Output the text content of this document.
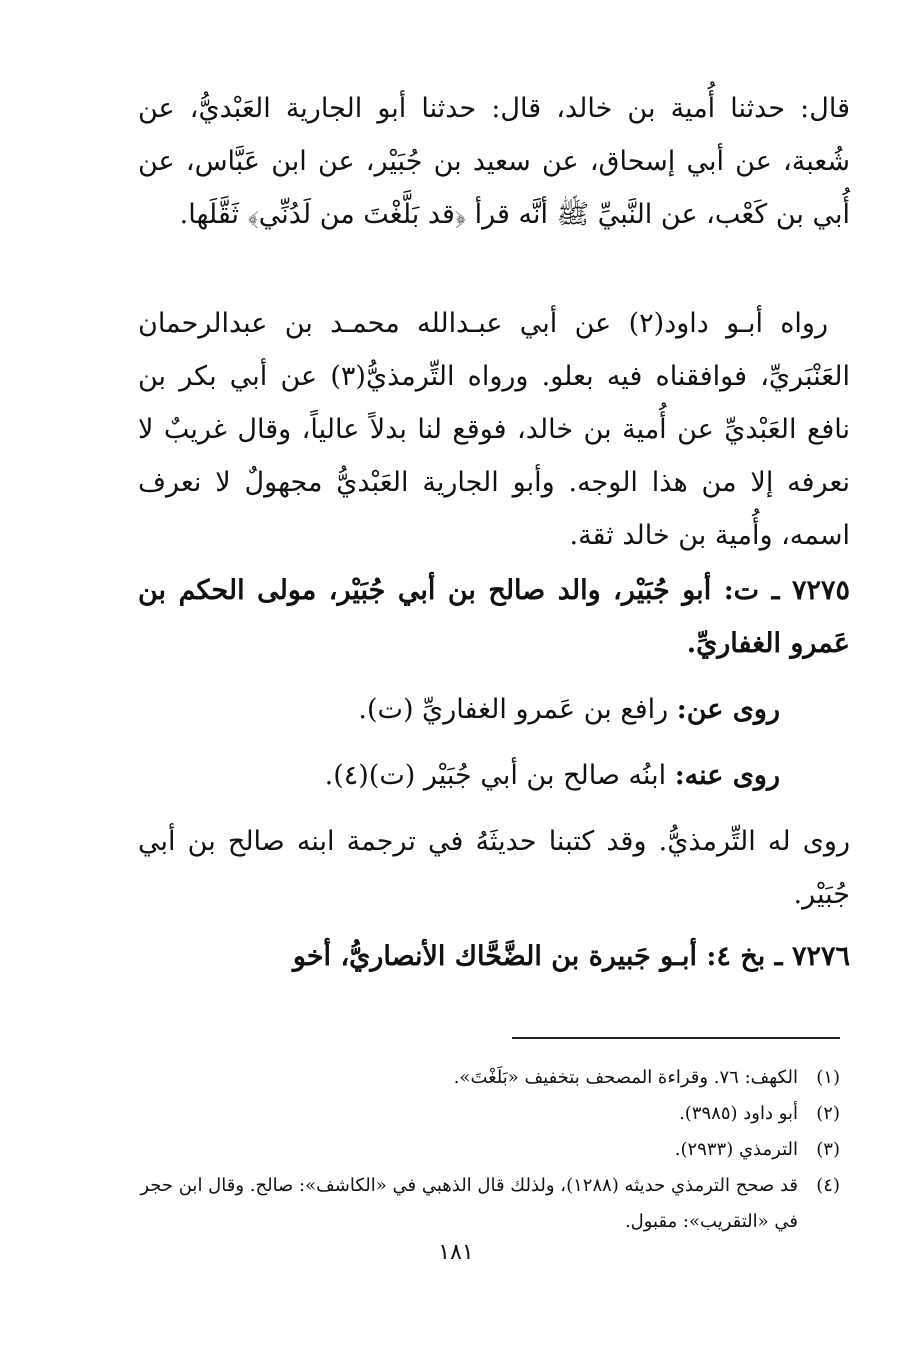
قال: حدثنا أُمية بن خالد، قال: حدثنا أبو الجارية العَبْديُّ، عن شُعبة، عن أبي إسحاق، عن سعيد بن جُبَيْر، عن ابن عَبَّاس، عن أُبي بن كَعْب، عن النَّبيِّ ﷺ أنَّه قرأ ﴿قد بَلَّغْتَ من لَدُنِّي﴾ ثَقَّلَها.

رواه أبـو داود(٢) عن أبي عبـدالله محمـد بن عبدالرحمان العَنْبَريِّ، فوافقناه فيه بعلو. ورواه التِّرمذيُّ(٣) عن أبي بكر بن نافع العَبْديِّ عن أُمية بن خالد، فوقع لنا بدلاً عالياً، وقال غريبٌ لا نعرفه إلا من هذا الوجه. وأبو الجارية العَبْديُّ مجهولٌ لا نعرف اسمه، وأُمية بن خالد ثقة.

٧٢٧٥ ـ ت: أبو جُبَيْر، والد صالح بن أبي جُبَيْر، مولى الحكم بن عَمرو الغفاريِّ.

روى عن: رافع بن عَمرو الغفاريِّ (ت).

روى عنه: ابنُه صالح بن أبي جُبَيْر (ت)(٤).

روى له التِّرمذيُّ. وقد كتبنا حديثَهُ في ترجمة ابنه صالح بن أبي جُبَيْر.

٧٢٧٦ ـ بخ ٤: أبـو جَبيرة بن الضَّحَّاك الأنصاريُّ، أخو

(١)
الكهف: ٧٦. وقراءة المصحف بتخفيف «بَلَغْتَ».
(٢)
أبو داود (٣٩٨٥).
(٣)
الترمذي (٢٩٣٣).
(٤)
قد صحح الترمذي حديثه (١٢٨٨)، ولذلك قال الذهبي في «الكاشف»: صالح. وقال ابن حجر في «التقريب»: مقبول.
١٨١
